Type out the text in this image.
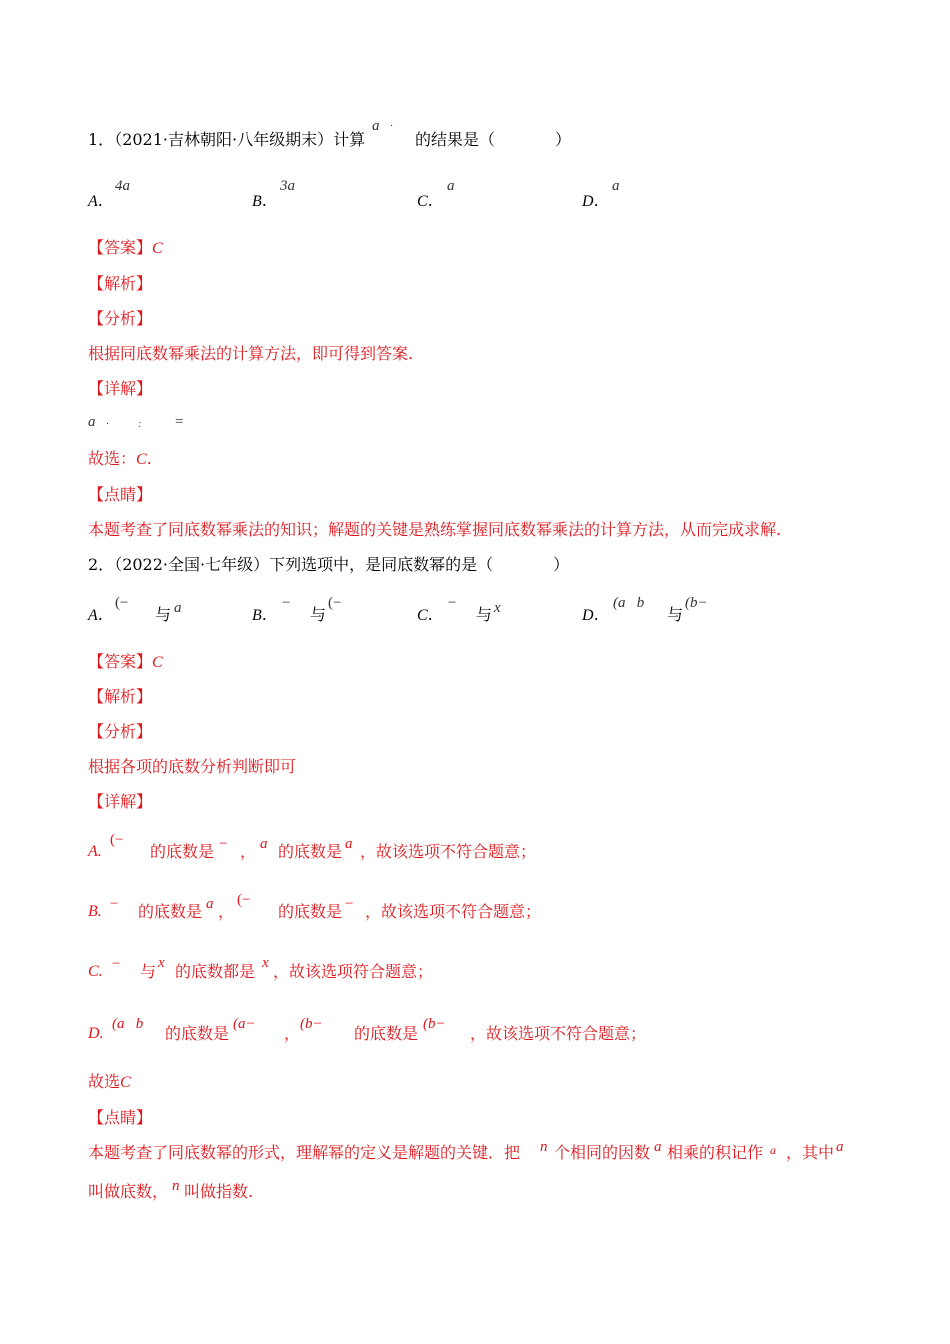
1．（2021·吉林朝阳·八年级期末）计算
a ·
的结果是（	）
A.
4a
B.
3a
C.
a
D.
a
【答案】C
【解析】
【分析】
根据同底数幂乘法的计算方法，即可得到答案.
【详解】
a ·	: =
故选：C.
【点睛】
本题考查了同底数幂乘法的知识；解题的关键是熟练掌握同底数幂乘法的计算方法，从而完成求解.
2．（2022·全国·七年级）下列选项中，是同底数幂的是（	）
A.
(−
与 a	B.
−
与
(−
C.
−
与 x	D.
(a   b
与
(b−
【答案】C
【解析】
【分析】
根据各项的底数分析判断即可
【详解】
A.
(−
的底数是 − ， a 的底数是 a ，故该选项不符合题意；
B. − 的底数是 a ，
(−
的底数是 − ，故该选项不符合题意；
C. − 与 x 的底数都是 x ，故该选项符合题意；
D.
(a   b 的底数是 (a− ， (b− 的底数是 (b− ，故该选项不符合题意；
故选C
【点睛】
本题考查了同底数幂的形式，理解幂的定义是解题的关键．把 n 个相同的因数 a 相乘的积记作 a ，其中 a
叫做底数， n 叫做指数.
